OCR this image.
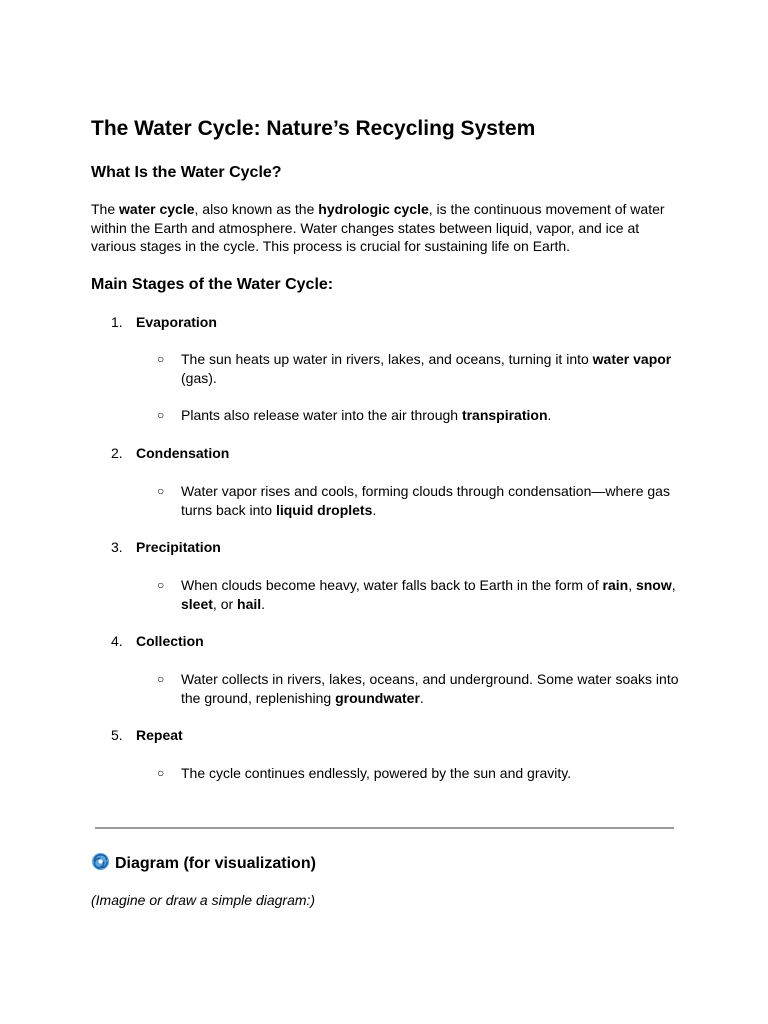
The Water Cycle: Nature’s Recycling System
What Is the Water Cycle?
The water cycle, also known as the hydrologic cycle, is the continuous movement of water within the Earth and atmosphere. Water changes states between liquid, vapor, and ice at various stages in the cycle. This process is crucial for sustaining life on Earth.
Main Stages of the Water Cycle:
1. Evaporation
○ The sun heats up water in rivers, lakes, and oceans, turning it into water vapor (gas).
○ Plants also release water into the air through transpiration.
2. Condensation
○ Water vapor rises and cools, forming clouds through condensation—where gas turns back into liquid droplets.
3. Precipitation
○ When clouds become heavy, water falls back to Earth in the form of rain, snow, sleet, or hail.
4. Collection
○ Water collects in rivers, lakes, oceans, and underground. Some water soaks into the ground, replenishing groundwater.
5. Repeat
○ The cycle continues endlessly, powered by the sun and gravity.
Diagram (for visualization)
(Imagine or draw a simple diagram:)
